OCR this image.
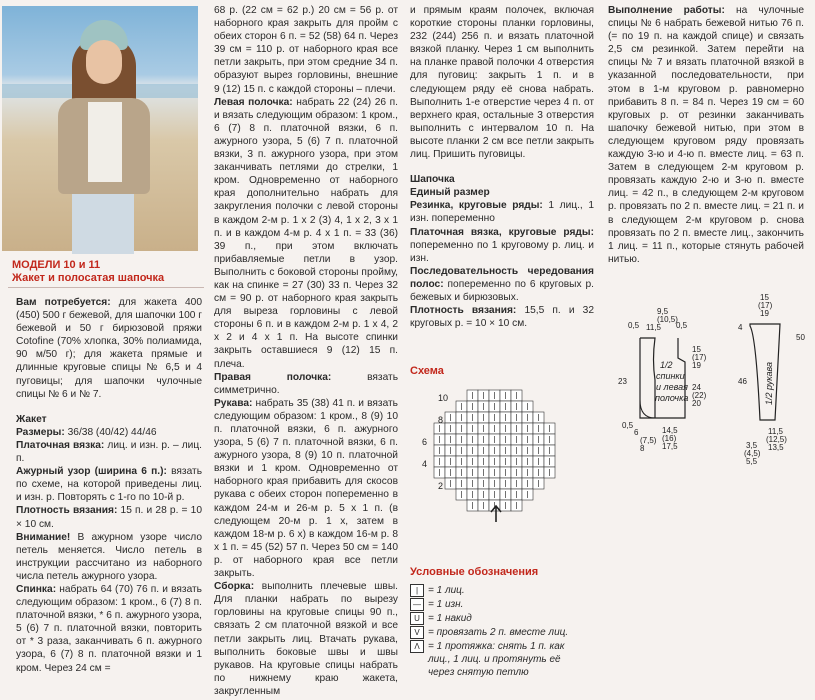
МОДЕЛИ 10 и 11
Жакет и полосатая шапочка

Вам потребуется: для жакета 400 (450) 500 г бежевой, для шапочки 100 г бежевой и 50 г бирюзовой пряжи Cotofine (70% хлопка, 30% полиамида, 90 м/50 г); для жакета прямые и длинные круговые спицы № 6,5 и 4 пуговицы; для шапочки чулочные спицы № 6 и № 7.

Жакет

Размеры: 36/38 (40/42) 44/46

Платочная вязка: лиц. и изн. р. – лиц. п.

Ажурный узор (ширина 6 п.): вязать по схеме, на которой приведены лиц. и изн. р. Повторять с 1-го по 10-й р.

Плотность вязания: 15 п. и 28 р. = 10 × 10 см.

Внимание! В ажурном узоре число петель меняется. Число петель в инструкции рассчитано из наборного числа петель ажурного узора.

Спинка: набрать 64 (70) 76 п. и вязать следующим образом: 1 кром., 6 (7) 8 п. платочной вязки, * 6 п. ажурного узора, 5 (6) 7 п. платочной вязки, повторить от * 3 раза, заканчивать 6 п. ажурного узора, 6 (7) 8 п. платочной вязки и 1 кром. Через 24 см =

68 р. (22 см = 62 р.) 20 см = 56 р. от наборного края закрыть для пройм с обеих сторон 6 п. = 52 (58) 64 п. Через 39 см = 110 р. от наборного края все петли закрыть, при этом средние 34 п. образуют вырез горловины, внешние 9 (12) 15 п. с каждой стороны – плечи.

Левая полочка: набрать 22 (24) 26 п. и вязать следующим образом: 1 кром., 6 (7) 8 п. платочной вязки, 6 п. ажурного узора, 5 (6) 7 п. платочной вязки, 3 п. ажурного узора, при этом заканчивать петлями до стрелки, 1 кром. Одновременно от наборного края дополнительно набрать для закругления полочки с левой стороны в каждом 2-м р. 1 х 2 (3) 4, 1 х 2, 3 х 1 п. и в каждом 4-м р. 4 х 1 п. = 33 (36) 39 п., при этом включать прибавляемые петли в узор. Выполнить с боковой стороны пройму, как на спинке = 27 (30) 33 п. Через 32 см = 90 р. от наборного края закрыть для выреза горловины с левой стороны 6 п. и в каждом 2-м р. 1 х 4, 2 х 2 и 4 х 1 п. На высоте спинки закрыть оставшиеся 9 (12) 15 п. плеча.

Правая полочка: вязать симметрично.

Рукава: набрать 35 (38) 41 п. и вязать следующим образом: 1 кром., 8 (9) 10 п. платочной вязки, 6 п. ажурного узора, 5 (6) 7 п. платочной вязки, 6 п. ажурного узора, 8 (9) 10 п. платочной вязки и 1 кром. Одновременно от наборного края прибавить для скосов рукава с обеих сторон попеременно в каждом 24-м и 26-м р. 5 х 1 п. (в следующем 20-м р. 1 х, затем в каждом 18-м р. 6 х) в каждом 16-м р. 8 х 1 п. = 45 (52) 57 п. Через 50 см = 140 р. от наборного края все петли закрыть.

Сборка: выполнить плечевые швы. Для планки набрать по вырезу горловины на круговые спицы 90 п., связать 2 см платочной вязкой и все петли закрыть лиц. Втачать рукава, выполнить боковые швы и швы рукавов. На круговые спицы набрать по нижнему краю жакета, закругленным

и прямым краям полочек, включая короткие стороны планки горловины, 232 (244) 256 п. и вязать платочной вязкой планку. Через 1 см выполнить на планке правой полочки 4 отверстия для пуговиц: закрыть 1 п. и в следующем ряду её снова набрать. Выполнить 1-е отверстие через 4 п. от верхнего края, остальные 3 отверстия выполнить с интервалом 10 п. На высоте планки 2 см все петли закрыть лиц. Пришить пуговицы.

Шапочка

Единый размер

Резинка, круговые ряды: 1 лиц., 1 изн. попеременно

Платочная вязка, круговые ряды: попеременно по 1 круговому р. лиц. и изн.

Последовательность чередования полос: попеременно по 6 круговых р. бежевых и бирюзовых.

Плотность вязания: 15,5 п. и 32 круговых р. = 10 × 10 см.

Выполнение работы: на чулочные спицы № 6 набрать бежевой нитью 76 п. (= по 19 п. на каждой спице) и связать 2,5 см резинкой. Затем перейти на спицы № 7 и вязать платочной вязкой в указанной последовательности, при этом в 1-м круговом р. равномерно прибавить 8 п. = 84 п. Через 19 см = 60 круговых р. от резинки заканчивать шапочку бежевой нитью, при этом в следующем круговом ряду провязать каждую 3-ю и 4-ю п. вместе лиц. = 63 п. Затем в следующем 2-м круговом р. провязать каждую 2-ю и 3-ю п. вместе лиц. = 42 п., в следующем 2-м круговом р. провязать по 2 п. вместе лиц. = 21 п. и в следующем 2-м круговом р. снова провязать по 2 п. вместе лиц., закончить 1 лиц. = 11 п., которые стянуть рабочей нитью.

Схема
10
8
6
4
2
Условные обозначения
| = 1 лиц.
— = 1 изн.
U = 1 накид
V = провязать 2 п. вместе лиц.
Λ = 1 протяжка: снять 1 п. как лиц., 1 лиц. и протянуть её через снятую петлю
1/2
спинки
и левая
полочка
0,5 11,5
(10,5)
9,5
0,5
15
(17)
19
23
24
(22)
20
0,5
6
(7,5)
8
14,5
(16)
17,5
1/2 рукава
15
(17)
19
4
46
50
11,5
(12,5)
13,5
3,5
(4,5)
5,5
